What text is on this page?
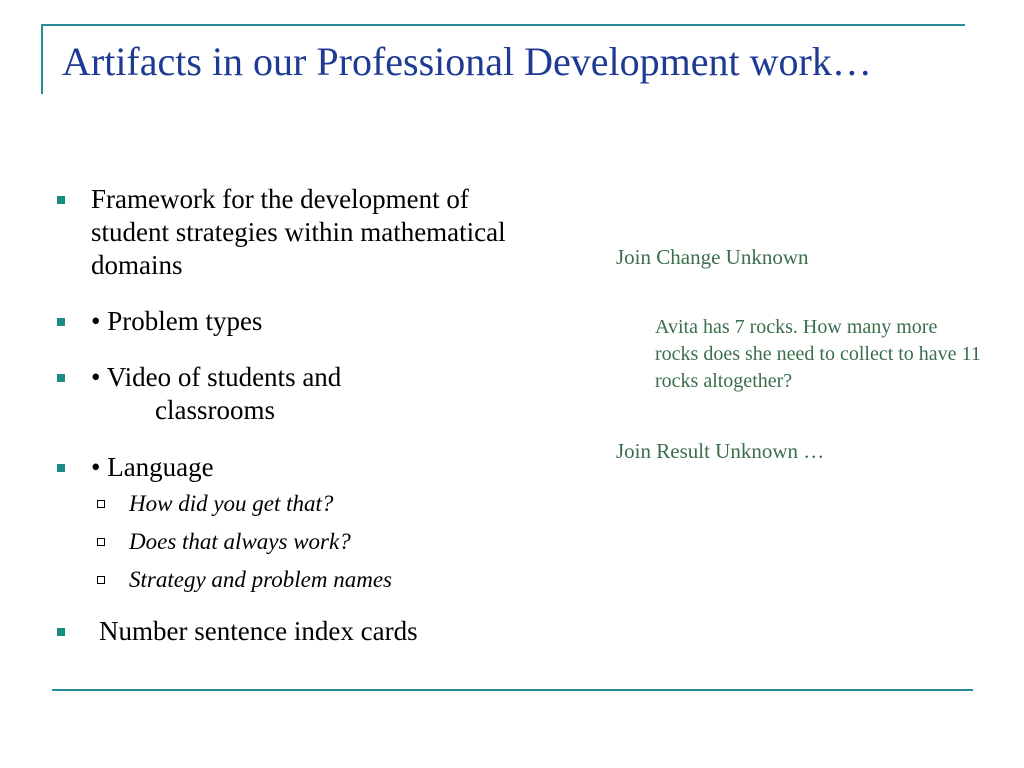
Artifacts in our Professional Development work…
Framework for the development of student strategies within mathematical domains
• Problem types
• Video of students and
classrooms
• Language
How did you get that?
Does that always work?
Strategy and problem names
Number sentence index cards
Join Change Unknown
Avita has 7 rocks. How many more rocks does she need to collect to have 11 rocks altogether?
Join Result Unknown …
